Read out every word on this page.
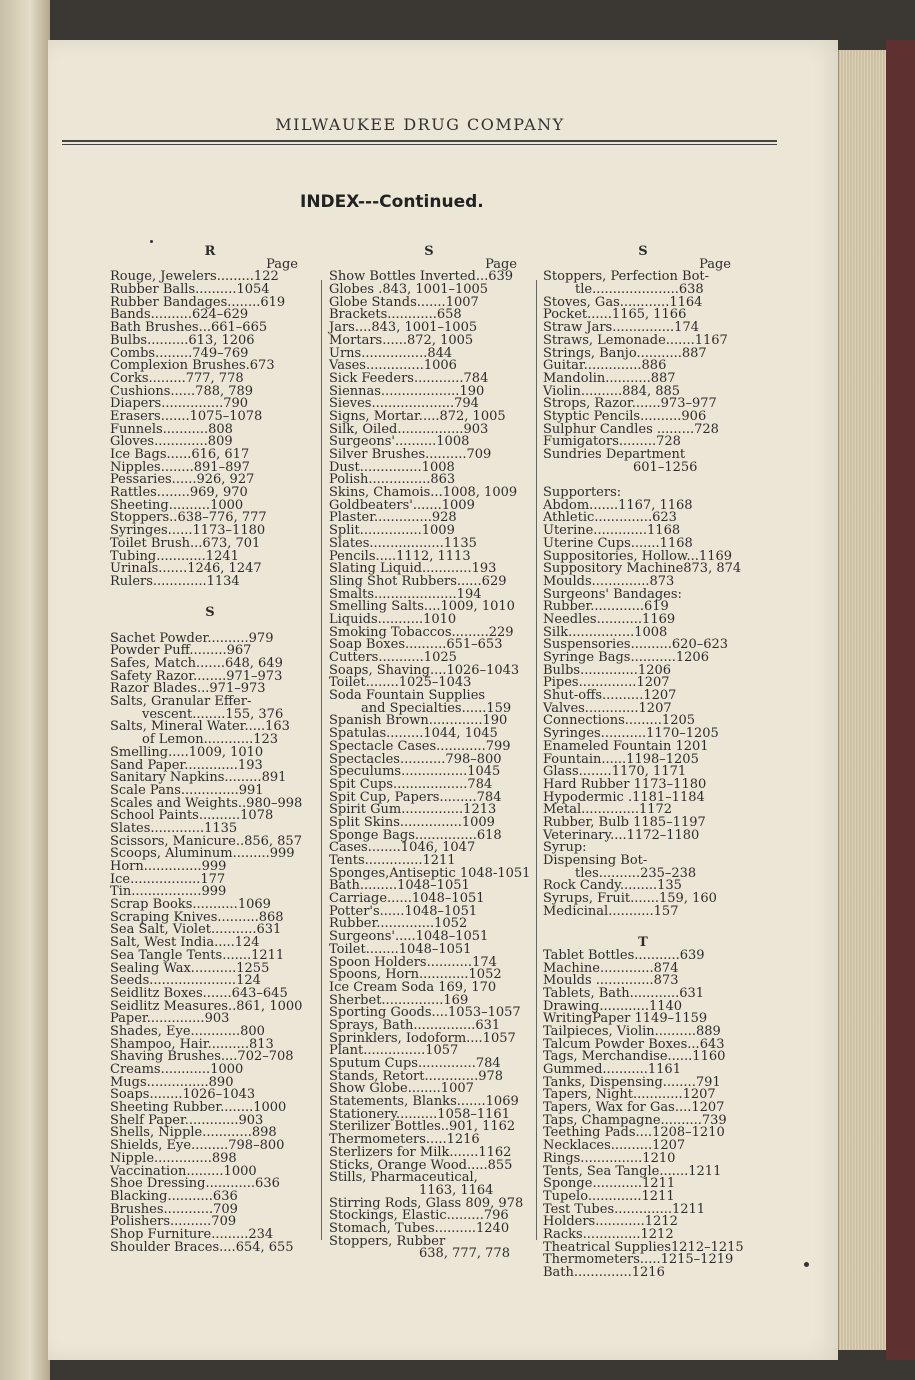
MILWAUKEE DRUG COMPANY
INDEX---Continued.
R
Page
Rouge, Jewelers.........122
Rubber Balls..........1054
Rubber Bandages........619
Bands..........624–629
Bath Brushes...661–665
Bulbs..........613, 1206
Combs.........749–769
Complexion Brushes.673
Corks.........777, 778
Cushions......788, 789
Diapers...............790
Erasers.......1075–1078
Funnels...........808
Gloves.............809
Ice Bags......616, 617
Nipples........891–897
Pessaries......926, 927
Rattles........969, 970
Sheeting..........1000
Stoppers..638–776, 777
Syringes......1173–1180
Toilet Brush...673, 701
Tubing............1241
Urinals.......1246, 1247
Rulers.............1134
S
Sachet Powder..........979
Powder Puff.........967
Safes, Match.......648, 649
Safety Razor........971–973
Razor Blades...971–973
Salts, Granular Effer-
vescent........155, 376
Salts, Mineral Water.....163
of Lemon............123
Smelling.....1009, 1010
Sand Paper.............193
Sanitary Napkins.........891
Scale Pans..............991
Scales and Weights..980–998
School Paints..........1078
Slates.............1135
Scissors, Manicure..856, 857
Scoops, Aluminum.........999
Horn..............999
Ice.................177
Tin.................999
Scrap Books...........1069
Scraping Knives..........868
Sea Salt, Violet...........631
Salt, West India.....124
Sea Tangle Tents.......1211
Sealing Wax...........1255
Seeds.....................124
Seidlitz Boxes.......643–645
Seidlitz Measures..861, 1000
Paper..............903
Shades, Eye............800
Shampoo, Hair..........813
Shaving Brushes....702–708
Creams............1000
Mugs...............890
Soaps........1026–1043
Sheeting Rubber........1000
Shelf Paper.............903
Shells, Nipple............898
Shields, Eye.........798–800
Nipple..............898
Vaccination.........1000
Shoe Dressing............636
Blacking...........636
Brushes............709
Polishers..........709
Shop Furniture.........234
Shoulder Braces....654, 655
S
Page
Show Bottles Inverted...639
Globes .843, 1001–1005
Globe Stands.......1007
Brackets............658
Jars....843, 1001–1005
Mortars......872, 1005
Urns................844
Vases..............1006
Sick Feeders............784
Siennas...................190
Sieves....................794
Signs, Mortar.....872, 1005
Silk, Oiled................903
Surgeons'..........1008
Silver Brushes..........709
Dust...............1008
Polish...............863
Skins, Chamois...1008, 1009
Goldbeaters'.......1009
Plaster..............928
Split...............1009
Slates..................1135
Pencils.....1112, 1113
Slating Liquid............193
Sling Shot Rubbers......629
Smalts....................194
Smelling Salts....1009, 1010
Liquids...........1010
Smoking Tobaccos.........229
Soap Boxes..........651–653
Cutters...........1025
Soaps, Shaving....1026–1043
Toilet........1025–1043
Soda Fountain Supplies
and Specialties......159
Spanish Brown.............190
Spatulas.........1044, 1045
Spectacle Cases............799
Spectacles...........798–800
Speculums................1045
Spit Cups..................784
Spit Cup, Papers.........784
Spirit Gum...............1213
Split Skins...............1009
Sponge Bags...............618
Cases........1046, 1047
Tents..............1211
Sponges,Antiseptic 1048-1051
Bath.........1048–1051
Carriage......1048–1051
Potter's......1048–1051
Rubber..............1052
Surgeons'.....1048–1051
Toilet........1048–1051
Spoon Holders...........174
Spoons, Horn............1052
Ice Cream Soda 169, 170
Sherbet...............169
Sporting Goods....1053–1057
Sprays, Bath...............631
Sprinklers, Iodoform....1057
Plant...............1057
Sputum Cups..............784
Stands, Retort.............978
Show Globe........1007
Statements, Blanks.......1069
Stationery..........1058–1161
Sterilizer Bottles..901, 1162
Thermometers.....1216
Sterlizers for Milk.......1162
Sticks, Orange Wood.....855
Stills, Pharmaceutical,
1163, 1164
Stirring Rods, Glass 809, 978
Stockings, Elastic.........796
Stomach, Tubes..........1240
Stoppers, Rubber
638, 777, 778
S
Page
Stoppers, Perfection Bot-
tle.....................638
Stoves, Gas............1164
Pocket......1165, 1166
Straw Jars...............174
Straws, Lemonade.......1167
Strings, Banjo...........887
Guitar..............886
Mandolin...........887
Violin..........884, 885
Strops, Razor.......973–977
Styptic Pencils..........906
Sulphur Candles .........728
Fumigators.........728
Sundries Department
601–1256
Supporters:
Abdom.......1167, 1168
Athletic..............623
Uterine.............1168
Uterine Cups.......1168
Suppositories, Hollow...1169
Suppository Machine873, 874
Moulds..............873
Surgeons' Bandages:
Rubber.............619
Needles...........1169
Silk................1008
Suspensories..........620–623
Syringe Bags...........1206
Bulbs..............1206
Pipes..............1207
Shut-offs..........1207
Valves.............1207
Connections.........1205
Syringes...........1170–1205
Enameled Fountain 1201
Fountain......1198–1205
Glass........1170, 1171
Hard Rubber 1173–1180
Hypodermic .1181–1184
Metal..............1172
Rubber, Bulb 1185–1197
Veterinary....1172–1180
Syrup:
Dispensing Bot-
tles..........235–238
Rock Candy.........135
Syrups, Fruit.......159, 160
Medicinal...........157
T
Tablet Bottles...........639
Machine.............874
Moulds ..............873
Tablets, Bath............631
Drawing............1140
WritingPaper 1149–1159
Tailpieces, Violin..........889
Talcum Powder Boxes...643
Tags, Merchandise......1160
Gummed...........1161
Tanks, Dispensing........791
Tapers, Night............1207
Tapers, Wax for Gas....1207
Taps, Champagne..........739
Teething Pads....1208–1210
Necklaces..........1207
Rings...............1210
Tents, Sea Tangle.......1211
Sponge............1211
Tupelo.............1211
Test Tubes..............1211
Holders............1212
Racks..............1212
Theatrical Supplies1212–1215
Thermometers.....1215–1219
Bath..............1216
